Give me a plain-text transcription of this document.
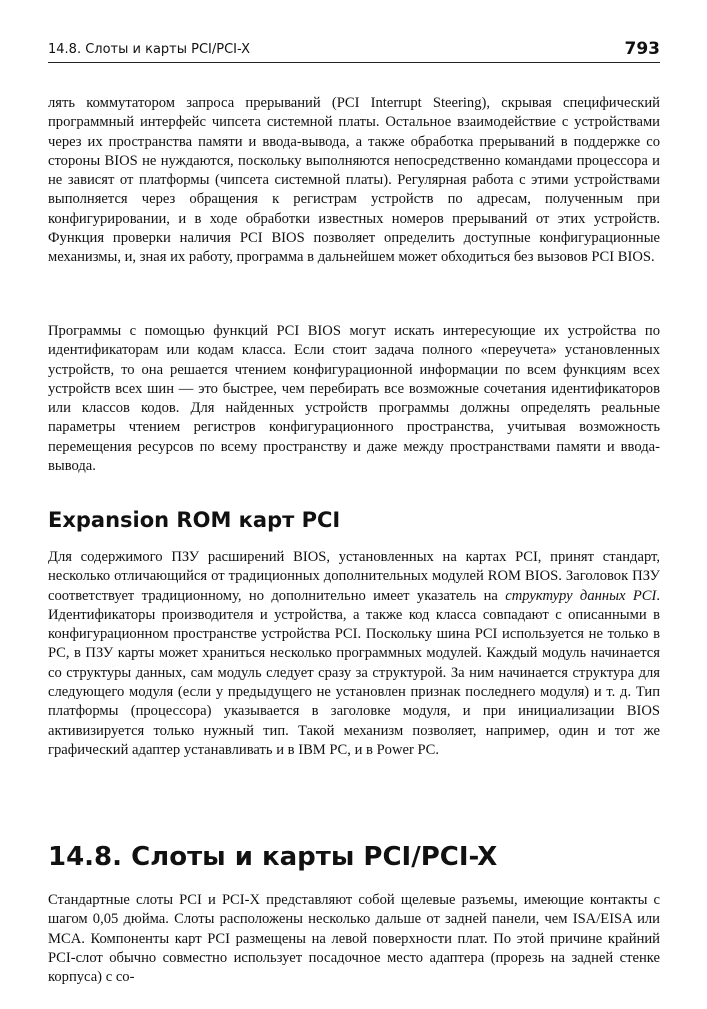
14.8. Слоты и карты PCI/PCI-X	793

лять коммутатором запроса прерываний (PCI Interrupt Steering), скрывая специфический программный интерфейс чипсета системной платы. Остальное взаимодействие с устройствами через их пространства памяти и ввода-вывода, а также обработка прерываний в поддержке со стороны BIOS не нуждаются, поскольку выполняются непосредственно командами процессора и не зависят от платформы (чипсета системной платы). Регулярная работа с этими устройствами выполняется через обращения к регистрам устройств по адресам, полученным при конфигурировании, и в ходе обработки известных номеров прерываний от этих устройств. Функция проверки наличия PCI BIOS позволяет определить доступные конфигурационные механизмы, и, зная их работу, программа в дальнейшем может обходиться без вызовов PCI BIOS.

Программы с помощью функций PCI BIOS могут искать интересующие их устройства по идентификаторам или кодам класса. Если стоит задача полного «переучета» установленных устройств, то она решается чтением конфигурационной информации по всем функциям всех устройств всех шин — это быстрее, чем перебирать все возможные сочетания идентификаторов или классов кодов. Для найденных устройств программы должны определять реальные параметры чтением регистров конфигурационного пространства, учитывая возможность перемещения ресурсов по всему пространству и даже между пространствами памяти и ввода-вывода.

Expansion ROM карт PCI

Для содержимого ПЗУ расширений BIOS, установленных на картах PCI, принят стандарт, несколько отличающийся от традиционных дополнительных модулей ROM BIOS. Заголовок ПЗУ соответствует традиционному, но дополнительно имеет указатель на структуру данных PCI. Идентификаторы производителя и устройства, а также код класса совпадают с описанными в конфигурационном пространстве устройства PCI. Поскольку шина PCI используется не только в PC, в ПЗУ карты может храниться несколько программных модулей. Каждый модуль начинается со структуры данных, сам модуль следует сразу за структурой. За ним начинается структура для следующего модуля (если у предыдущего не установлен признак последнего модуля) и т. д. Тип платформы (процессора) указывается в заголовке модуля, и при инициализации BIOS активизируется только нужный тип. Такой механизм позволяет, например, один и тот же графический адаптер устанавливать и в IBM PC, и в Power PC.

14.8. Слоты и карты PCI/PCI-X

Стандартные слоты PCI и PCI-X представляют собой щелевые разъемы, имеющие контакты с шагом 0,05 дюйма. Слоты расположены несколько дальше от задней панели, чем ISA/EISA или MCA. Компоненты карт PCI размещены на левой поверхности плат. По этой причине крайний PCI-слот обычно совместно использует посадочное место адаптера (прорезь на задней стенке корпуса) с со-
